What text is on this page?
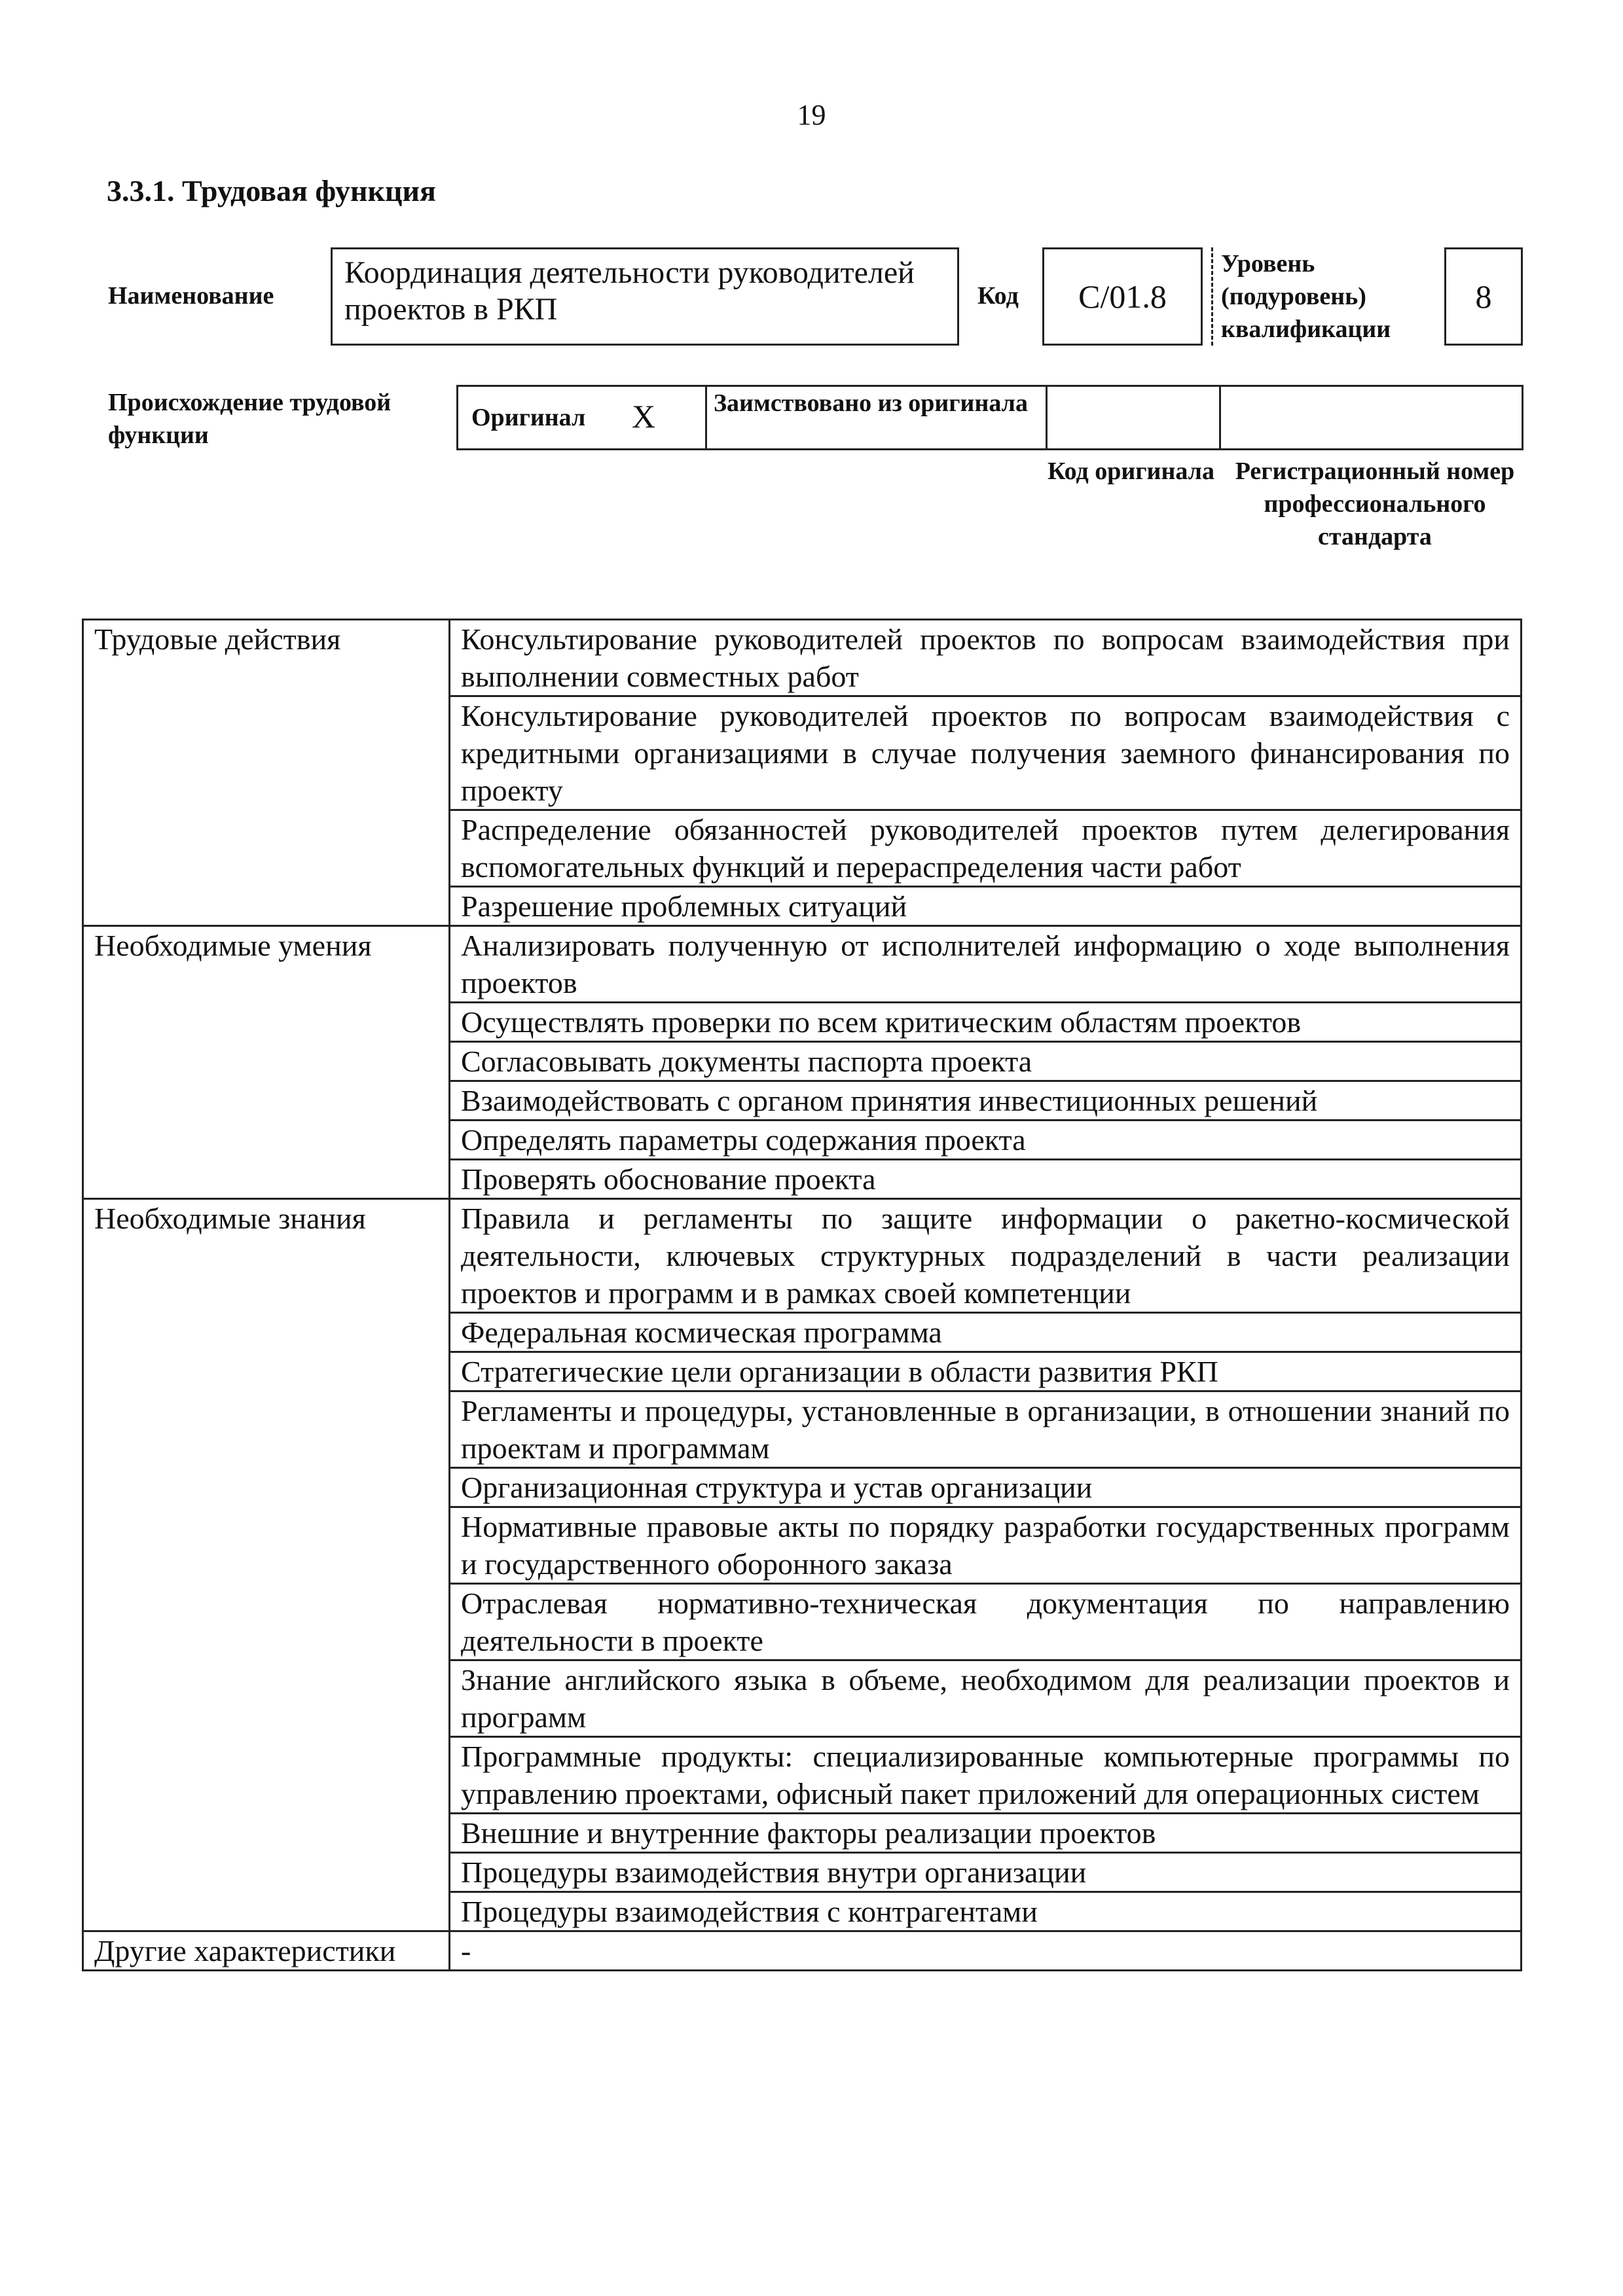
19
3.3.1. Трудовая функция
Наименование
Координация деятельности руководителей проектов в РКП	Код C/01.8
Уровень (подуровень) квалификации
8
Происхождение трудовой функции
Оригинал X Заимствовано из оригинала
Код оригинала Регистрационный номер профессионального стандарта
Трудовые действия	Консультирование руководителей проектов по вопросам взаимодействия при выполнении совместных работ
	Консультирование руководителей проектов по вопросам взаимодействия с кредитными организациями в случае получения заемного финансирования по проекту
	Распределение обязанностей руководителей проектов путем делегирования вспомогательных функций и перераспределения части работ
	Разрешение проблемных ситуаций
Необходимые умения	Анализировать полученную от исполнителей информацию о ходе выполнения проектов
	Осуществлять проверки по всем критическим областям проектов
	Согласовывать документы паспорта проекта
	Взаимодействовать с органом принятия инвестиционных решений
	Определять параметры содержания проекта
	Проверять обоснование проекта
Необходимые знания	Правила и регламенты по защите информации о ракетно-космической деятельности, ключевых структурных подразделений в части реализации проектов и программ и в рамках своей компетенции
	Федеральная космическая программа
	Стратегические цели организации в области развития РКП
	Регламенты и процедуры, установленные в организации, в отношении знаний по проектам и программам
	Организационная структура и устав организации
	Нормативные правовые акты по порядку разработки государственных программ и государственного оборонного заказа
	Отраслевая нормативно-техническая документация по направлению деятельности в проекте
	Знание английского языка в объеме, необходимом для реализации проектов и программ
	Программные продукты: специализированные компьютерные программы по управлению проектами, офисный пакет приложений для операционных систем
	Внешние и внутренние факторы реализации проектов
	Процедуры взаимодействия внутри организации
	Процедуры взаимодействия с контрагентами
Другие характеристики	-
